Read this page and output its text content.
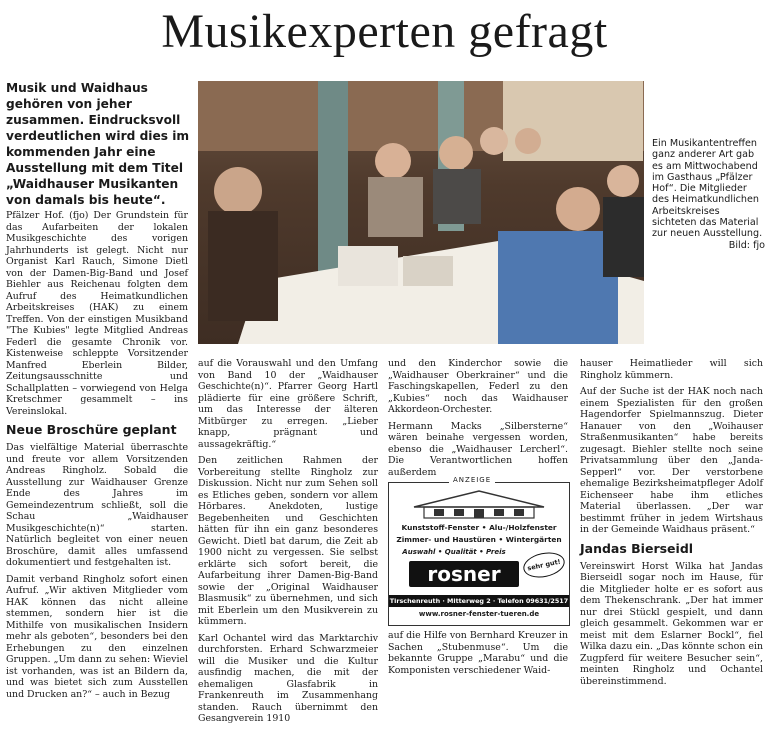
Musikexperten gefragt
Musik und Waidhaus gehören von jeher zusammen. Eindrucksvoll verdeutlichen wird dies im kommenden Jahr eine Ausstellung mit dem Titel „Waidhauser Musikanten von damals bis heute“.
Ein Musikantentreffen ganz anderer Art gab es am Mittwochabend im Gasthaus „Pfälzer Hof“. Die Mitglieder des Heimatkundlichen Arbeitskreises sichteten das Material zur neuen Ausstellung.
Bild: fjo

Pfälzer Hof. (fjo) Der Grundstein für das Aufarbeiten der lokalen Musikgeschichte des vorigen Jahrhunderts ist gelegt. Nicht nur Organist Karl Rauch, Simone Dietl von der Damen-Big-Band und Josef Biehler aus Reichenau folgten dem Aufruf des Heimatkundlichen Arbeitskreises (HAK) zu einem Treffen. Von der einstigen Musikband "The Kubies" legte Mitglied Andreas Federl die gesamte Chronik vor. Kistenweise schleppte Vorsitzender Manfred Eberlein Bilder, Zeitungsausschnitte und Schallplatten – vorwiegend von Helga Kretschmer gesammelt – ins Vereinslokal.

Neue Broschüre geplant

Das vielfältige Material überraschte und freute vor allem Vorsitzenden Andreas Ringholz. Sobald die Ausstellung zur Waidhauser Grenze Ende des Jahres im Gemeindezentrum schließt, soll die Schau „Waidhauser Musikgeschichte(n)“ starten. Natürlich begleitet von einer neuen Broschüre, damit alles umfassend dokumentiert und festgehalten ist.

Damit verband Ringholz sofort einen Aufruf. „Wir aktiven Mitglieder vom HAK können das nicht alleine stemmen, sondern hier ist die Mithilfe von musikalischen Insidern mehr als geboten“, besonders bei den Erhebungen zu den einzelnen Gruppen. „Um dann zu sehen: Wieviel ist vorhanden, was ist an Bildern da, und was bietet sich zum Ausstellen und Drucken an?“ – auch in Bezug

auf die Vorauswahl und den Umfang von Band 10 der „Waidhauser Geschichte(n)“. Pfarrer Georg Hartl plädierte für eine größere Schrift, um das Interesse der älteren Mitbürger zu erregen. „Lieber knapp, prägnant und aussagekräftig.“

Den zeitlichen Rahmen der Vorbereitung stellte Ringholz zur Diskussion. Nicht nur zum Sehen soll es Etliches geben, sondern vor allem Hörbares. Anekdoten, lustige Begebenheiten und Geschichten hätten für ihn ein ganz besonderes Gewicht. Dietl bat darum, die Zeit ab 1900 nicht zu vergessen. Sie selbst erklärte sich sofort bereit, die Aufarbeitung ihrer Damen-Big-Band sowie der „Original Waidhauser Blasmusik“ zu übernehmen, und sich mit Eberlein um den Musikverein zu kümmern.

Karl Ochantel wird das Marktarchiv durchforsten. Erhard Schwarzmeier will die Musiker und die Kultur ausfindig machen, die mit der ehemaligen Glasfabrik in Frankenreuth im Zusammenhang standen. Rauch übernimmt den Gesangverein 1910

und den Kinderchor sowie die „Waidhauser Oberkrainer“ und die Faschingskapellen, Federl zu den „Kubies“ noch das Waidhauser Akkordeon-Orchester.

Hermann Macks „Silbersterne“ wären beinahe vergessen worden, ebenso die „Waidhauser Lercherl“. Die Verantwortlichen hoffen außerdem

ANZEIGE
Kunststoff-Fenster • Alu-/Holzfenster
Zimmer- und Haustüren • Wintergärten
Auswahl • Qualität • Preis
rosner	sehr gut!
Tirschenreuth · Mitterweg 2 · Telefon 09631/2517
www.rosner-fenster-tueren.de

auf die Hilfe von Bernhard Kreuzer in Sachen „Stubenmuse“. Um die bekannte Gruppe „Marabu“ und die Komponisten verschiedener Waid-

hauser Heimatlieder will sich Ringholz kümmern.

Auf der Suche ist der HAK noch nach einem Spezialisten für den großen Hagendorfer Spielmannszug. Dieter Hanauer von den „Woihauser Straßenmusikanten“ habe bereits zugesagt. Biehler stellte noch seine Privatsammlung über den „Janda-Sepperl“ vor. Der verstorbene ehemalige Bezirksheimatpfleger Adolf Eichenseer habe ihm etliches Material überlassen. „Der war bestimmt früher in jedem Wirtshaus in der Gemeinde Waidhaus präsent.“

Jandas Bierseidl

Vereinswirt Horst Wilka hat Jandas Bierseidl sogar noch im Hause, für die Mitglieder holte er es sofort aus dem Thekenschrank. „Der hat immer nur drei Stückl gespielt, und dann gleich gesammelt. Gekommen war er meist mit dem Eslarner Bockl“, fiel Wilka dazu ein. „Das könnte schon ein Zugpferd für weitere Besucher sein“, meinten Ringholz und Ochantel übereinstimmend.
